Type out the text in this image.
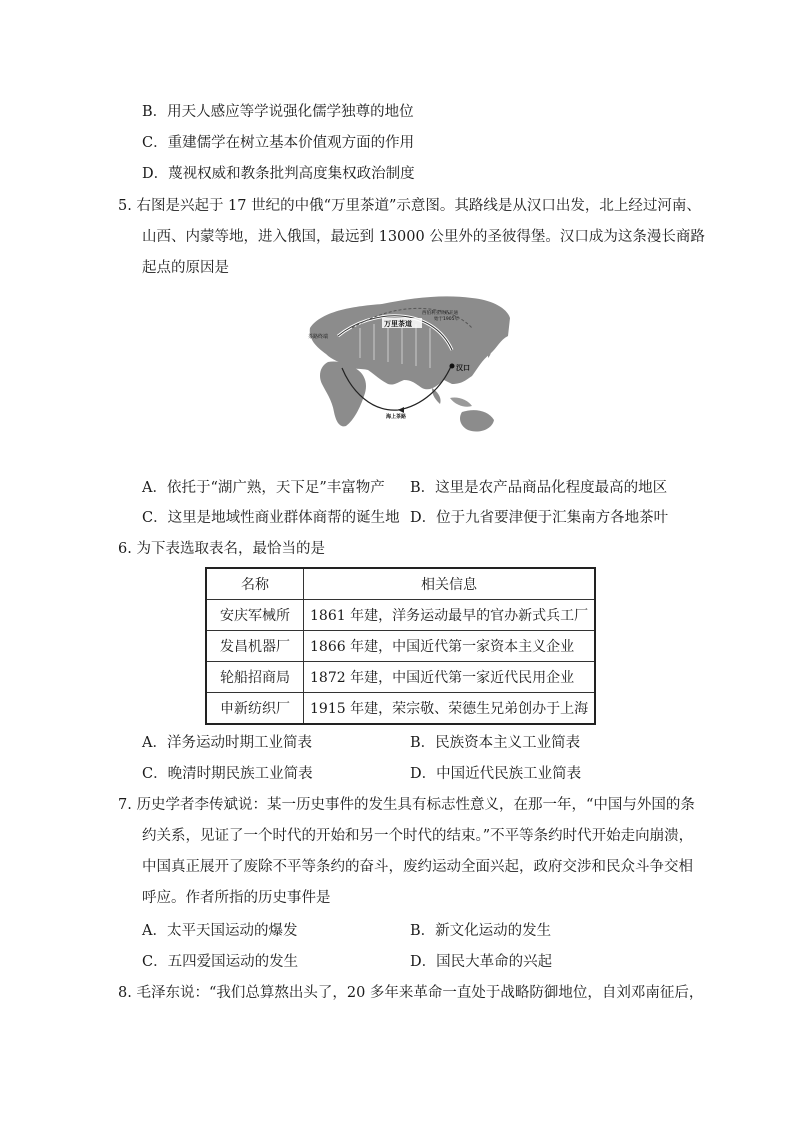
B．用天人感应等学说强化儒学独尊的地位
C．重建儒学在树立基本价值观方面的作用
D．蔑视权威和教条批判高度集权政治制度
5. 右图是兴起于 17 世纪的中俄“万里茶道”示意图。其路线是从汉口出发，北上经过河南、
山西、内蒙等地，进入俄国，最远到 13000 公里外的圣彼得堡。汉口成为这条漫长商路
起点的原因是
汉口
万里茶道
茶路终端
西伯利亚铁路开通
始于1905年
海上茶路
A．依托于“湖广熟，天下足”丰富物产 B．这里是农产品商品化程度最高的地区
C．这里是地域性商业群体商帮的诞生地 D．位于九省要津便于汇集南方各地茶叶
6. 为下表选取表名，最恰当的是
名称	相关信息
安庆军械所	1861 年建，洋务运动最早的官办新式兵工厂
发昌机器厂	1866 年建，中国近代第一家资本主义企业
轮船招商局	1872 年建，中国近代第一家近代民用企业
申新纺织厂	1915 年建，荣宗敬、荣德生兄弟创办于上海
A．洋务运动时期工业简表	B．民族资本主义工业简表
C．晚清时期民族工业简表	D．中国近代民族工业简表
7. 历史学者李传斌说：某一历史事件的发生具有标志性意义，在那一年，“中国与外国的条
约关系，见证了一个时代的开始和另一个时代的结束。”不平等条约时代开始走向崩溃，
中国真正展开了废除不平等条约的奋斗，废约运动全面兴起，政府交涉和民众斗争交相
呼应。作者所指的历史事件是
A．太平天国运动的爆发	B．新文化运动的发生
C．五四爱国运动的发生	D．国民大革命的兴起
8. 毛泽东说：“我们总算熬出头了，20 多年来革命一直处于战略防御地位，自刘邓南征后，
